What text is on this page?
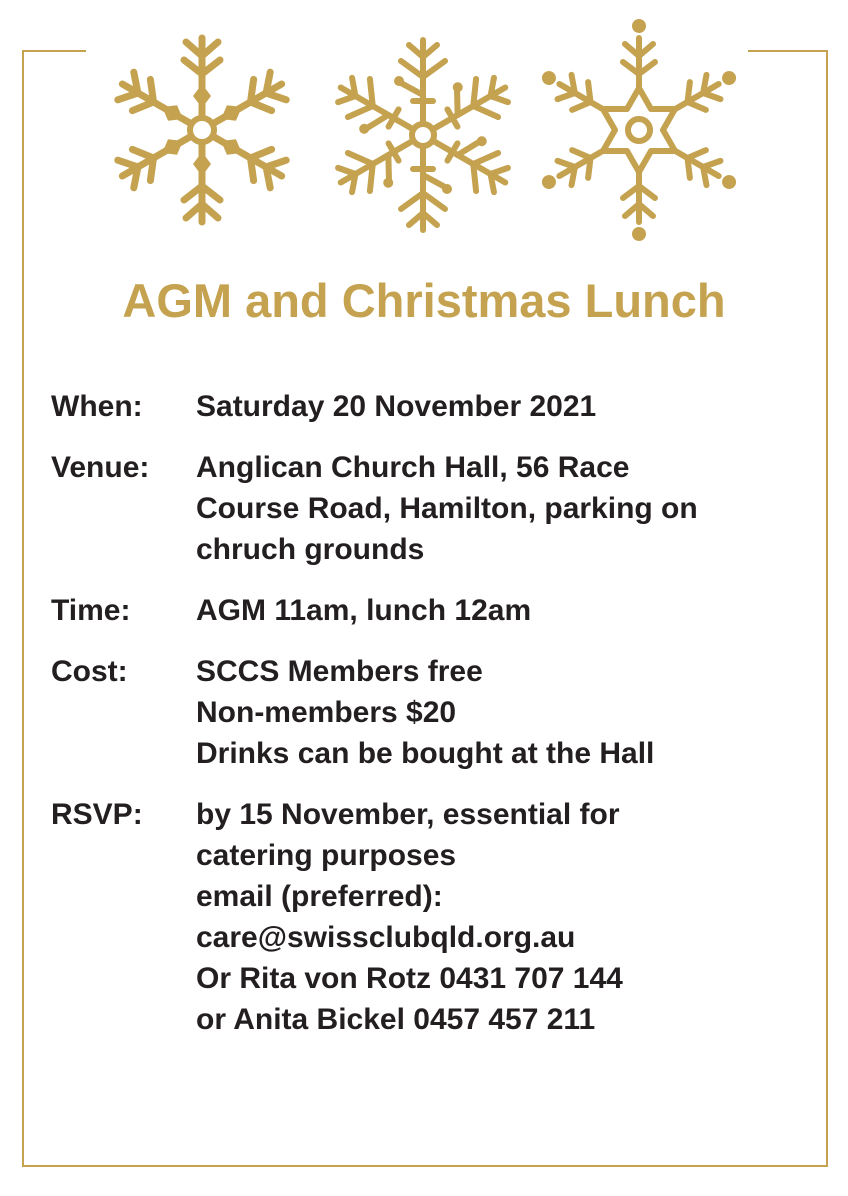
AGM and Christmas Lunch
When:	Saturday 20 November 2021

Venue:	Anglican Church Hall, 56 Race

Course Road, Hamilton, parking on

chruch grounds

Time:	AGM 11am, lunch 12am

Cost:	SCCS Members free

Non-members $20

Drinks can be bought at the Hall

RSVP:	by 15 November, essential for

catering purposes

email (preferred):

care@swissclubqld.org.au

Or Rita von Rotz 0431 707 144

or Anita Bickel 0457 457 211
